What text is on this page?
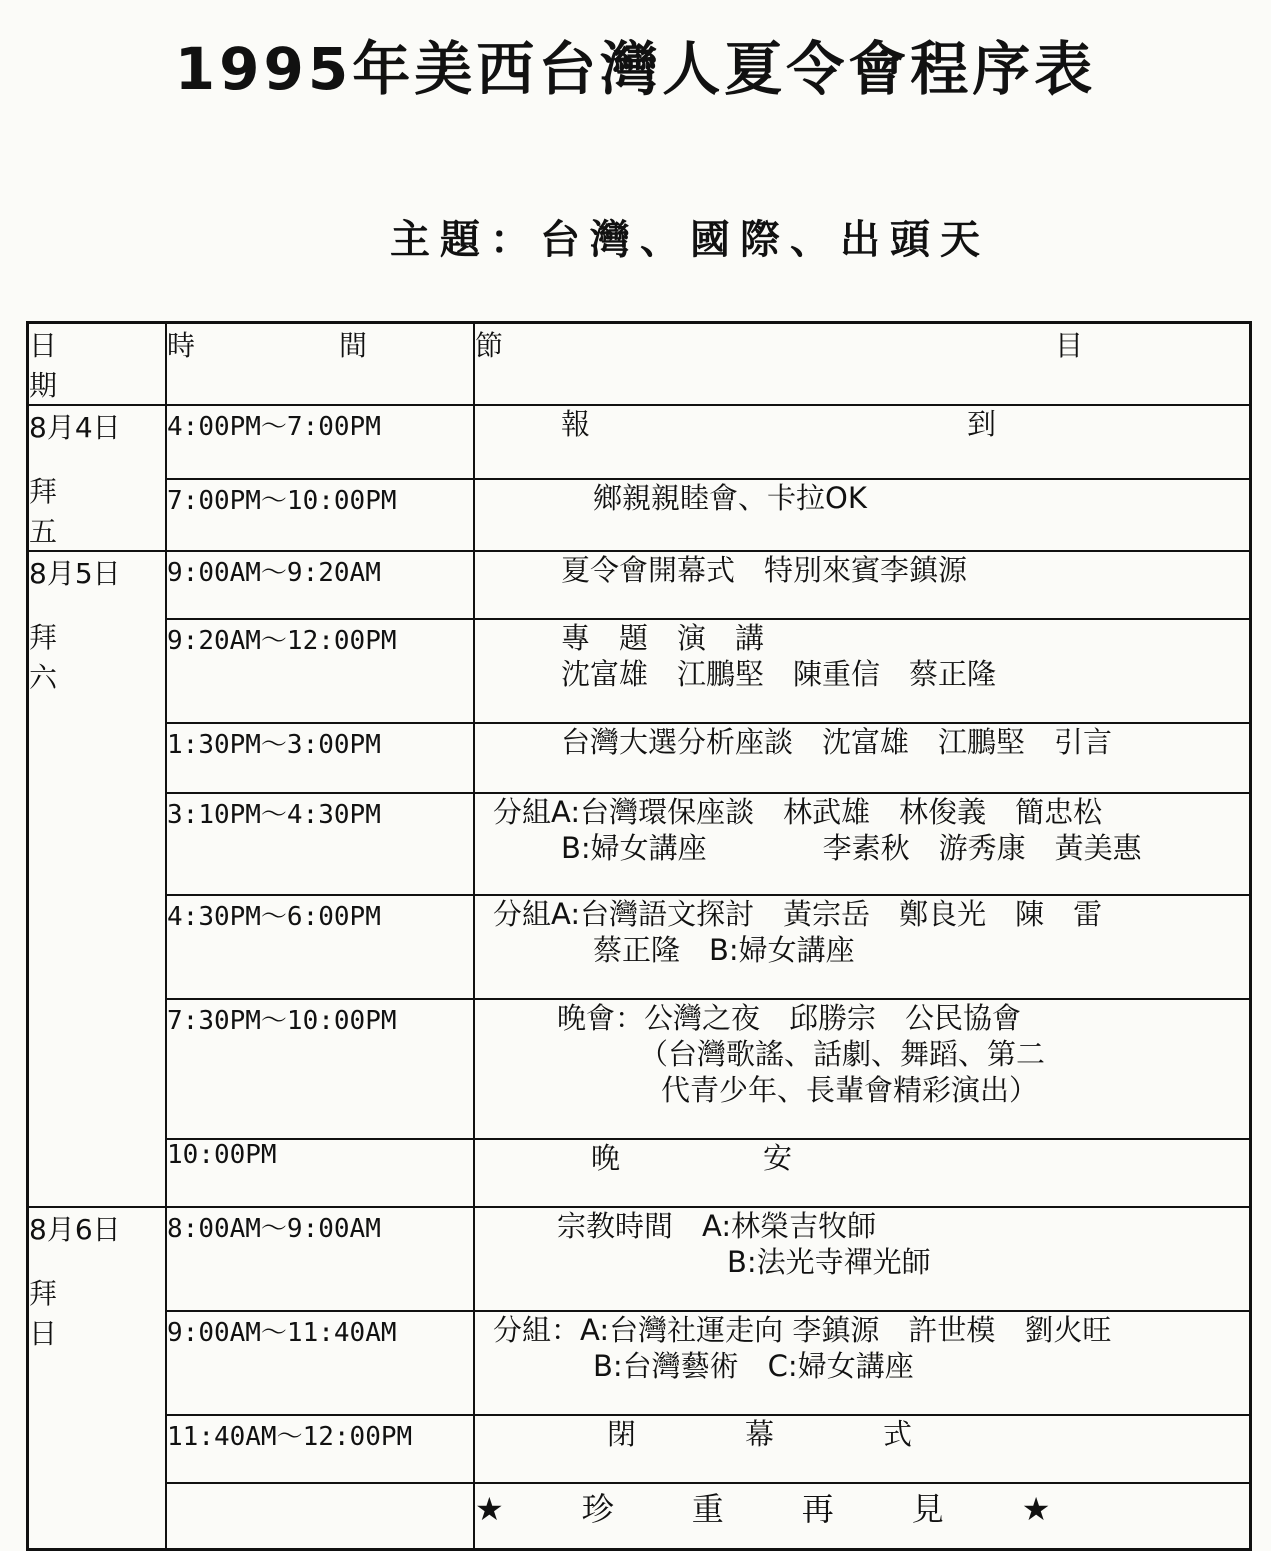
1995年美西台灣人夏令會程序表
主題：台灣、國際、出頭天
日期	時 間	節 目

8月4日
拜　五	4:00PM～7:00PM	報 到
	7:00PM～10:00PM	鄉親親睦會、卡拉OK

8月5日
拜　六	9:00AM～9:20AM	夏令會開幕式　特別來賓李鎮源

	9:20AM～12:00PM	專　題　演　講
沈富雄　江鵬堅　陳重信　蔡正隆

	1:30PM～3:00PM	台灣大選分析座談　沈富雄　江鵬堅　引言

	3:10PM～4:30PM	分組A:台灣環保座談　林武雄　林俊義　簡忠松
B:婦女講座　　　　李素秋　游秀康　黃美惠

	4:30PM～6:00PM	分組A:台灣語文探討　黃宗岳　鄭良光　陳　雷
蔡正隆　B:婦女講座

	7:30PM～10:00PM	晚會：公灣之夜　邱勝宗　公民協會
（台灣歌謠、話劇、舞蹈、第二
代青少年、長輩會精彩演出）

	10:00PM	晚 安

8月6日
拜　日	8:00AM～9:00AM	宗教時間　A:林榮吉牧師
B:法光寺禪光師

	9:00AM～11:40AM	分組：A:台灣社運走向 李鎮源　許世模　劉火旺
B:台灣藝術　C:婦女講座

	11:40AM～12:00PM	閉　幕　式

		★珍重再見★
